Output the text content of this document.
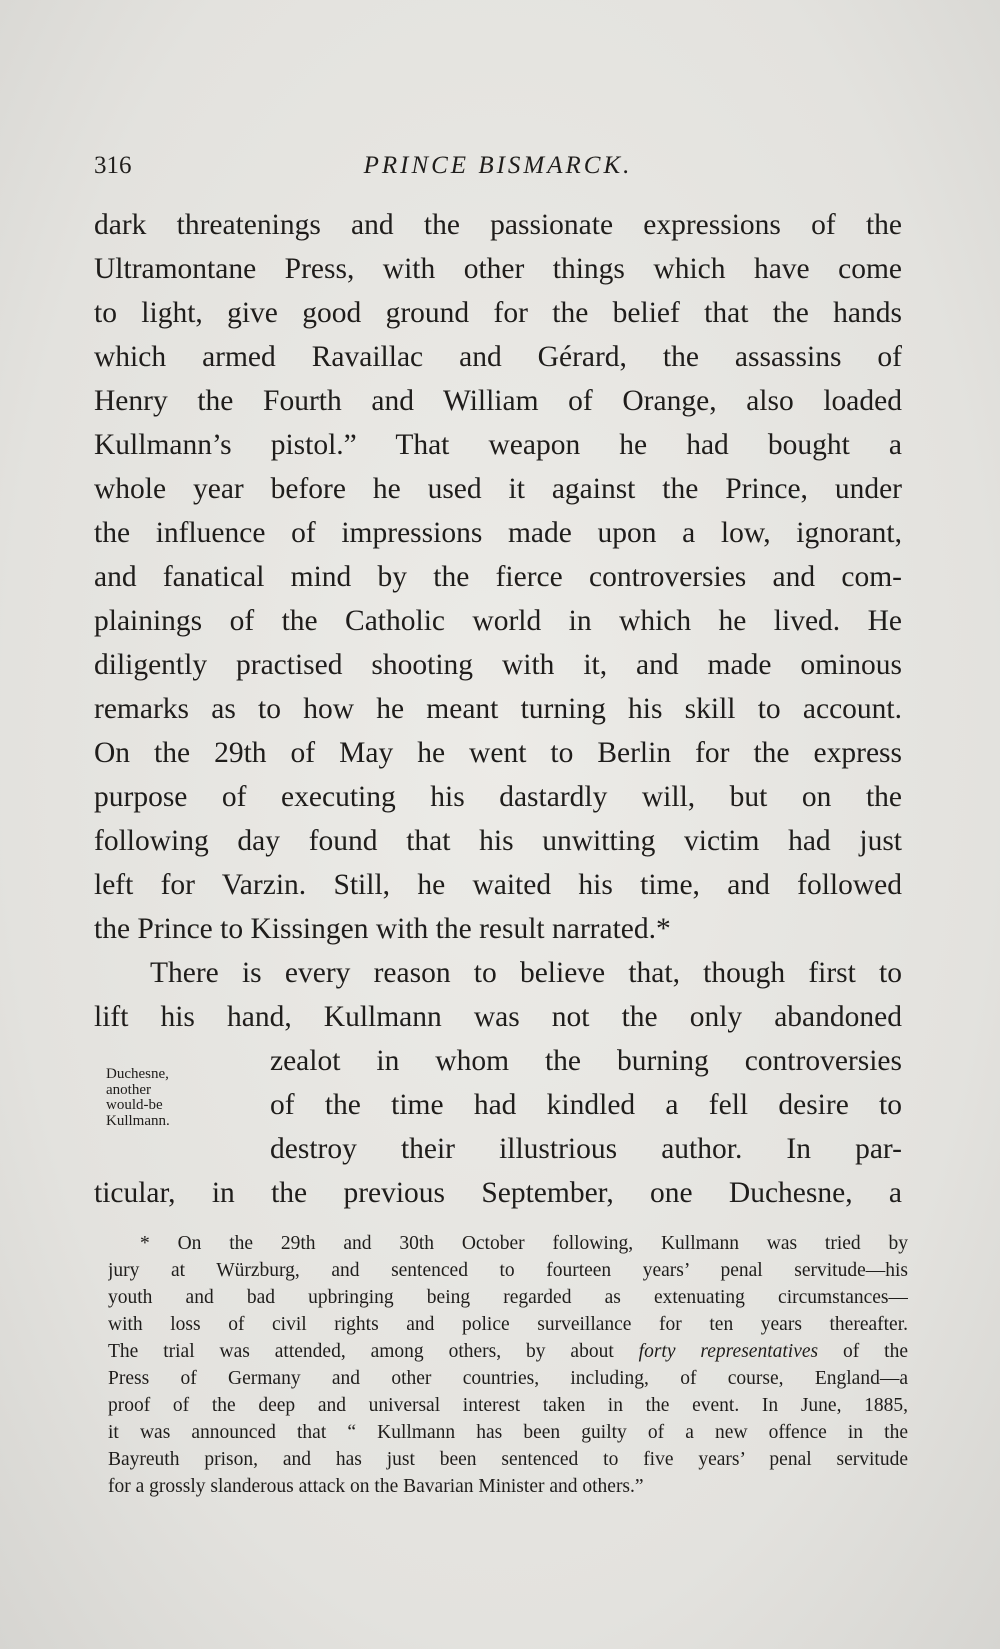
316	PRINCE BISMARCK.
dark threatenings and the passionate expressions of the
Ultramontane Press, with other things which have come
to light, give good ground for the belief that the hands
which armed Ravaillac and Gérard, the assassins of
Henry the Fourth and William of Orange, also loaded
Kullmann’s pistol.” That weapon he had bought a
whole year before he used it against the Prince, under
the influence of impressions made upon a low, ignorant,
and fanatical mind by the fierce controversies and com-
plainings of the Catholic world in which he lived. He
diligently practised shooting with it, and made ominous
remarks as to how he meant turning his skill to account.
On the 29th of May he went to Berlin for the express
purpose of executing his dastardly will, but on the
following day found that his unwitting victim had just
left for Varzin. Still, he waited his time, and followed
the Prince to Kissingen with the result narrated.*
There is every reason to believe that, though first to
lift his hand, Kullmann was not the only abandoned
zealot in whom the burning controversies
of the time had kindled a fell desire to
destroy their illustrious author. In par-
ticular, in the previous September, one Duchesne, a
Duchesne,
another
would-be
Kullmann.
* On the 29th and 30th October following, Kullmann was tried by
jury at Würzburg, and sentenced to fourteen years’ penal servitude—his
youth and bad upbringing being regarded as extenuating circumstances—
with loss of civil rights and police surveillance for ten years thereafter.
The trial was attended, among others, by about forty representatives of the
Press of Germany and other countries, including, of course, England—a
proof of the deep and universal interest taken in the event. In June, 1885,
it was announced that “ Kullmann has been guilty of a new offence in the
Bayreuth prison, and has just been sentenced to five years’ penal servitude
for a grossly slanderous attack on the Bavarian Minister and others.”
